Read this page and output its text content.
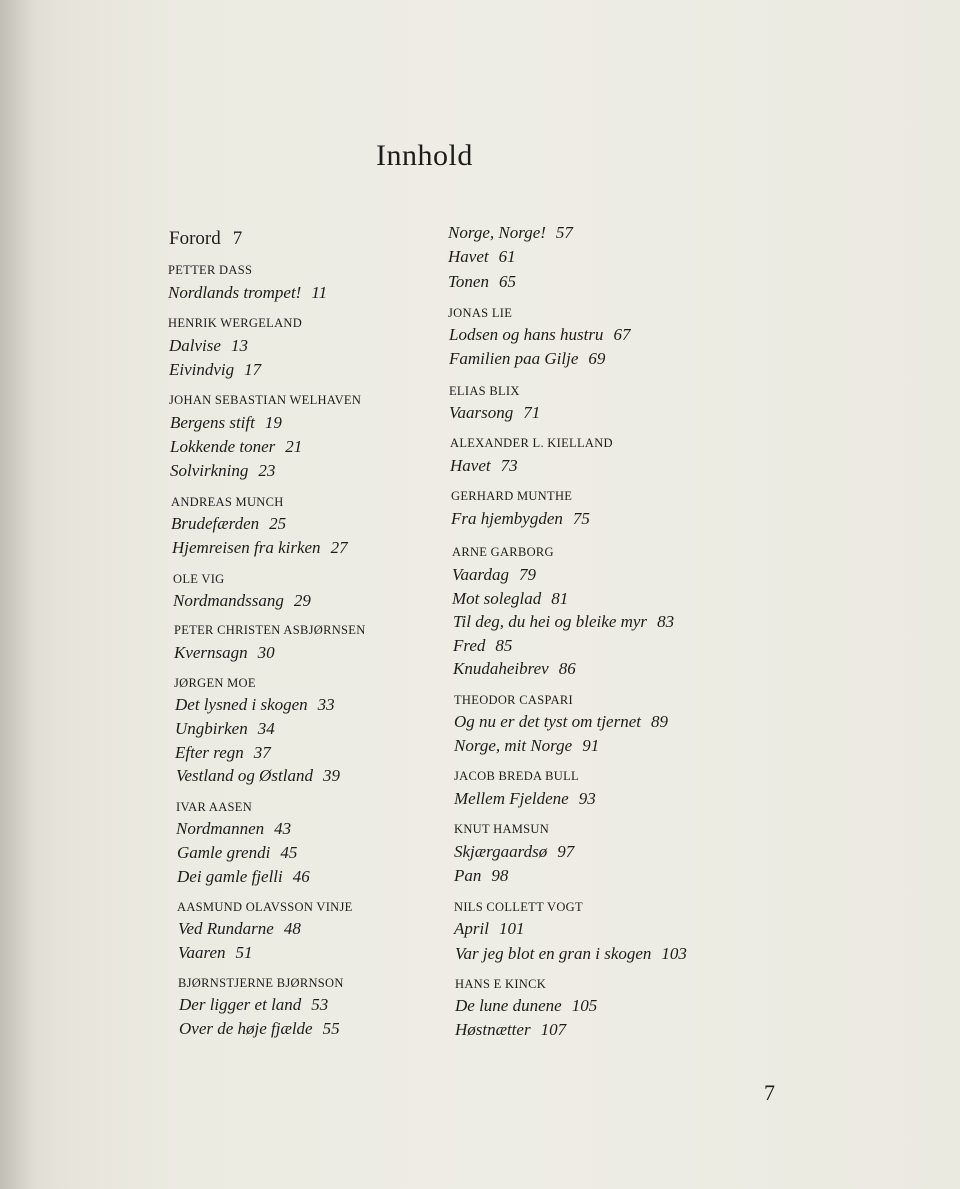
Innhold
Forord 7
PETTER DASS
Nordlands trompet! 11
HENRIK WERGELAND
Dalvise 13
Eivindvig 17
JOHAN SEBASTIAN WELHAVEN
Bergens stift 19
Lokkende toner 21
Solvirkning 23
ANDREAS MUNCH
Brudefærden 25
Hjemreisen fra kirken 27
OLE VIG
Nordmandssang 29
PETER CHRISTEN ASBJØRNSEN
Kvernsagn 30
JØRGEN MOE
Det lysned i skogen 33
Ungbirken 34
Efter regn 37
Vestland og Østland 39
IVAR AASEN
Nordmannen 43
Gamle grendi 45
Dei gamle fjelli 46
AASMUND OLAVSSON VINJE
Ved Rundarne 48
Vaaren 51
BJØRNSTJERNE BJØRNSON
Der ligger et land 53
Over de høje fjælde 55
Norge, Norge! 57
Havet 61
Tonen 65
JONAS LIE
Lodsen og hans hustru 67
Familien paa Gilje 69
ELIAS BLIX
Vaarsong 71
ALEXANDER L. KIELLAND
Havet 73
GERHARD MUNTHE
Fra hjembygden 75
ARNE GARBORG
Vaardag 79
Mot soleglad 81
Til deg, du hei og bleike myr 83
Fred 85
Knudaheibrev 86
THEODOR CASPARI
Og nu er det tyst om tjernet 89
Norge, mit Norge 91
JACOB BREDA BULL
Mellem Fjeldene 93
KNUT HAMSUN
Skjærgaardsø 97
Pan 98
NILS COLLETT VOGT
April 101
Var jeg blot en gran i skogen 103
HANS E KINCK
De lune dunene 105
Høstnætter 107
7
